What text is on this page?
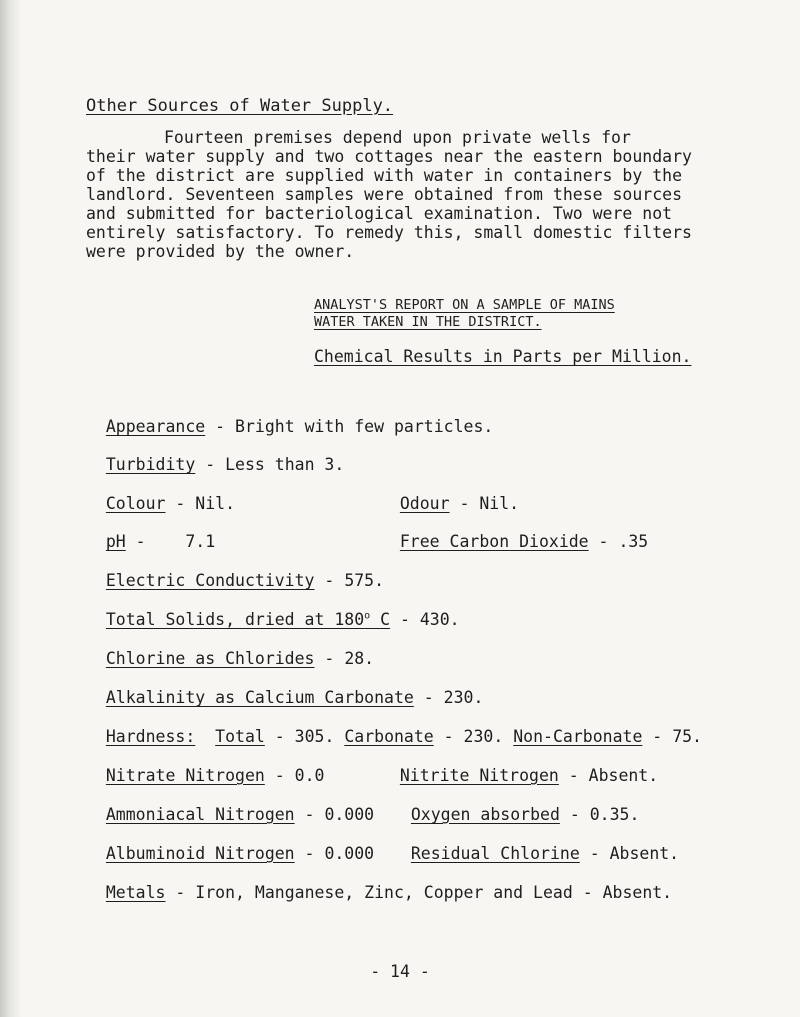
Other Sources of Water Supply.
Fourteen premises depend upon private wells for
their water supply and two cottages near the eastern boundary
of the district are supplied with water in containers by the
landlord. Seventeen samples were obtained from these sources
and submitted for bacteriological examination. Two were not
entirely satisfactory. To remedy this, small domestic filters
were provided by the owner.
ANALYST'S REPORT ON A SAMPLE OF MAINS
WATER TAKEN IN THE DISTRICT.
Chemical Results in Parts per Million.

Appearance - Bright with few particles.

Turbidity - Less than 3.

Colour - Nil.	Odour - Nil.

pH -    7.1	Free Carbon Dioxide - .35

Electric Conductivity - 575.

Total Solids, dried at 180$^o$ C - 430.

Chlorine as Chlorides - 28.

Alkalinity as Calcium Carbonate - 230.

Hardness: Total - 305. Carbonate - 230. Non-Carbonate - 75.

Nitrate Nitrogen - 0.0	Nitrite Nitrogen - Absent.

Ammoniacal Nitrogen - 0.000	Oxygen absorbed - 0.35.

Albuminoid Nitrogen - 0.000	Residual Chlorine - Absent.

Metals - Iron, Manganese, Zinc, Copper and Lead - Absent.

- 14 -
